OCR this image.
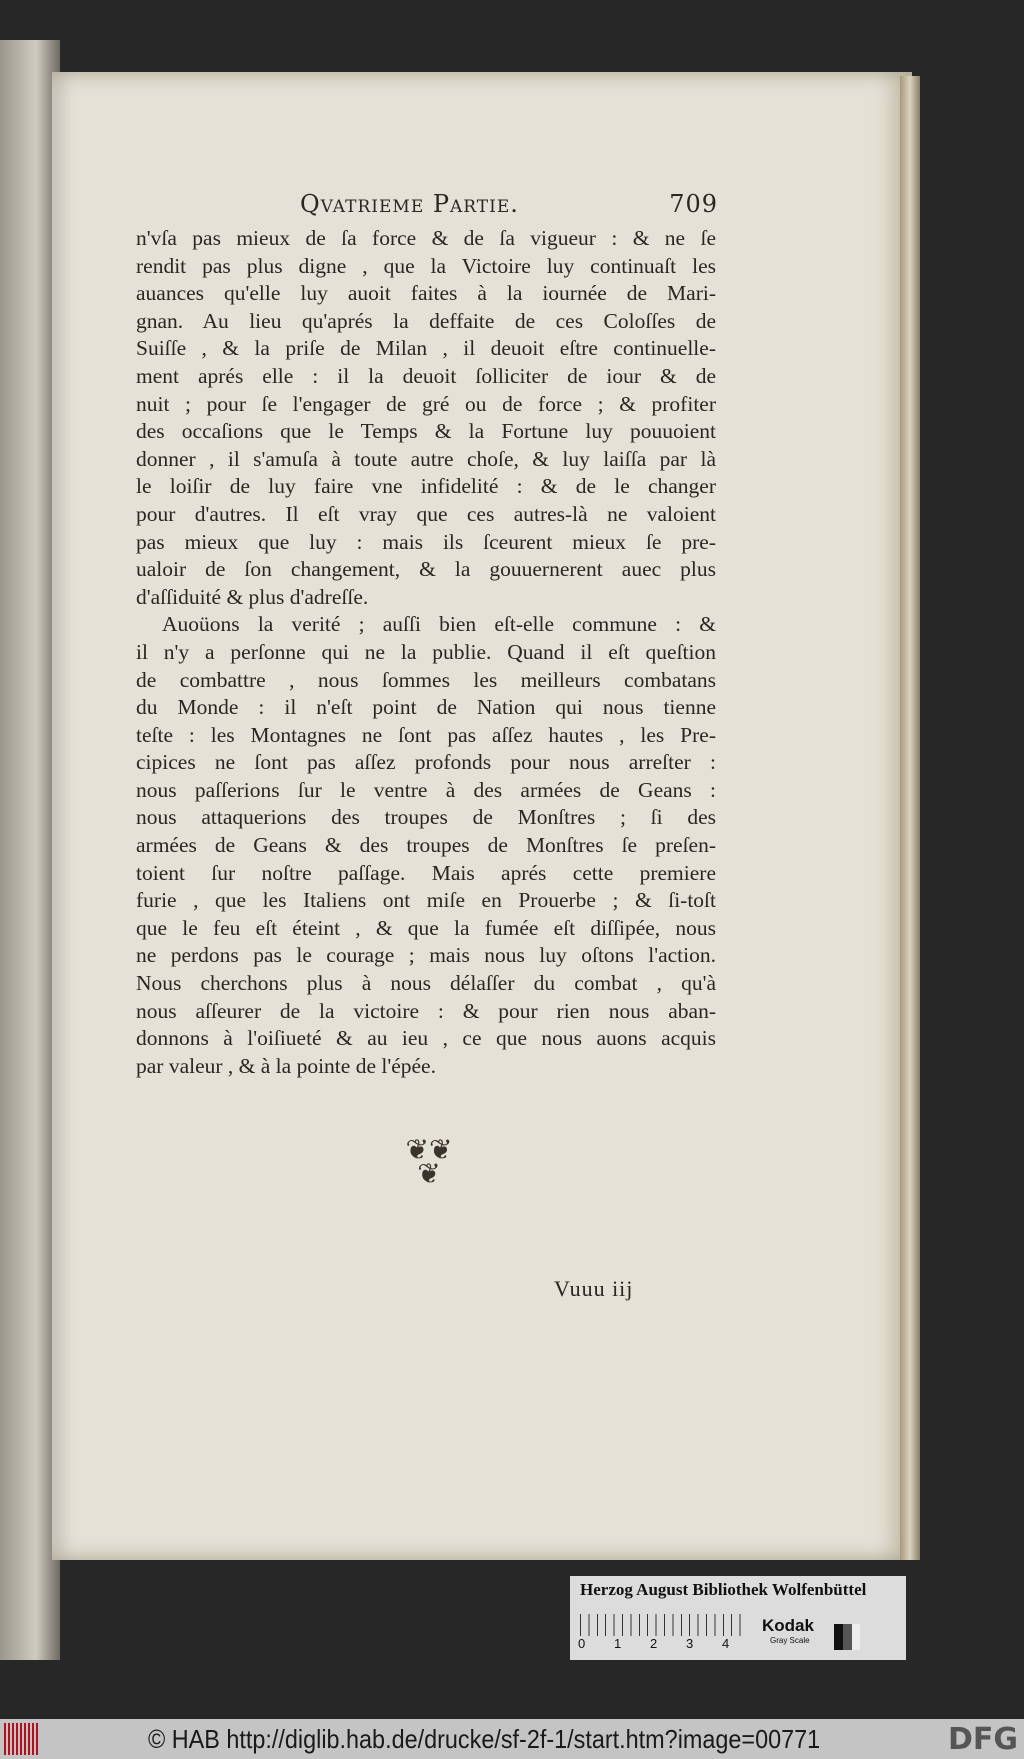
Qvatrieme Partie.	709
n'vſa pas mieux de ſa force & de ſa vigueur : & ne ſe
rendit pas plus digne , que la Victoire luy continuaſt les
auances qu'elle luy auoit faites à la iournée de Mari-
gnan. Au lieu qu'aprés la deffaite de ces Coloſſes de
Suiſſe , & la priſe de Milan , il deuoit eſtre continuelle-
ment aprés elle : il la deuoit ſolliciter de iour & de
nuit ; pour ſe l'engager de gré ou de force ; & profiter
des occaſions que le Temps & la Fortune luy pouuoient
donner , il s'amuſa à toute autre choſe, & luy laiſſa par là
le loiſir de luy faire vne infidelité : & de le changer
pour d'autres. Il eſt vray que ces autres-là ne valoient
pas mieux que luy : mais ils ſceurent mieux ſe pre-
ualoir de ſon changement, & la gouuernerent auec plus
d'aſſiduité & plus d'adreſſe.
Auoüons la verité ; auſſi bien eſt-elle commune : &
il n'y a perſonne qui ne la publie. Quand il eſt queſtion
de combattre , nous ſommes les meilleurs combatans
du Monde : il n'eſt point de Nation qui nous tienne
teſte : les Montagnes ne ſont pas aſſez hautes , les Pre-
cipices ne ſont pas aſſez profonds pour nous arreſter :
nous paſſerions ſur le ventre à des armées de Geans :
nous attaquerions des troupes de Monſtres ; ſi des
armées de Geans & des troupes de Monſtres ſe preſen-
toient ſur noſtre paſſage. Mais aprés cette premiere
furie , que les Italiens ont miſe en Prouerbe ; & ſi-toſt
que le feu eſt éteint , & que la fumée eſt diſſipée, nous
ne perdons pas le courage ; mais nous luy oſtons l'action.
Nous cherchons plus à nous délaſſer du combat , qu'à
nous aſſeurer de la victoire : & pour rien nous aban-
donnons à l'oiſiueté & au ieu , ce que nous auons acquis
par valeur , & à la pointe de l'épée.
❦❦
❦
Vuuu iij
Herzog August Bibliothek Wolfenbüttel
0	1	2	3	4
Kodak
Gray Scale
© HAB http://diglib.hab.de/drucke/sf-2f-1/start.htm?image=00771	DFG
